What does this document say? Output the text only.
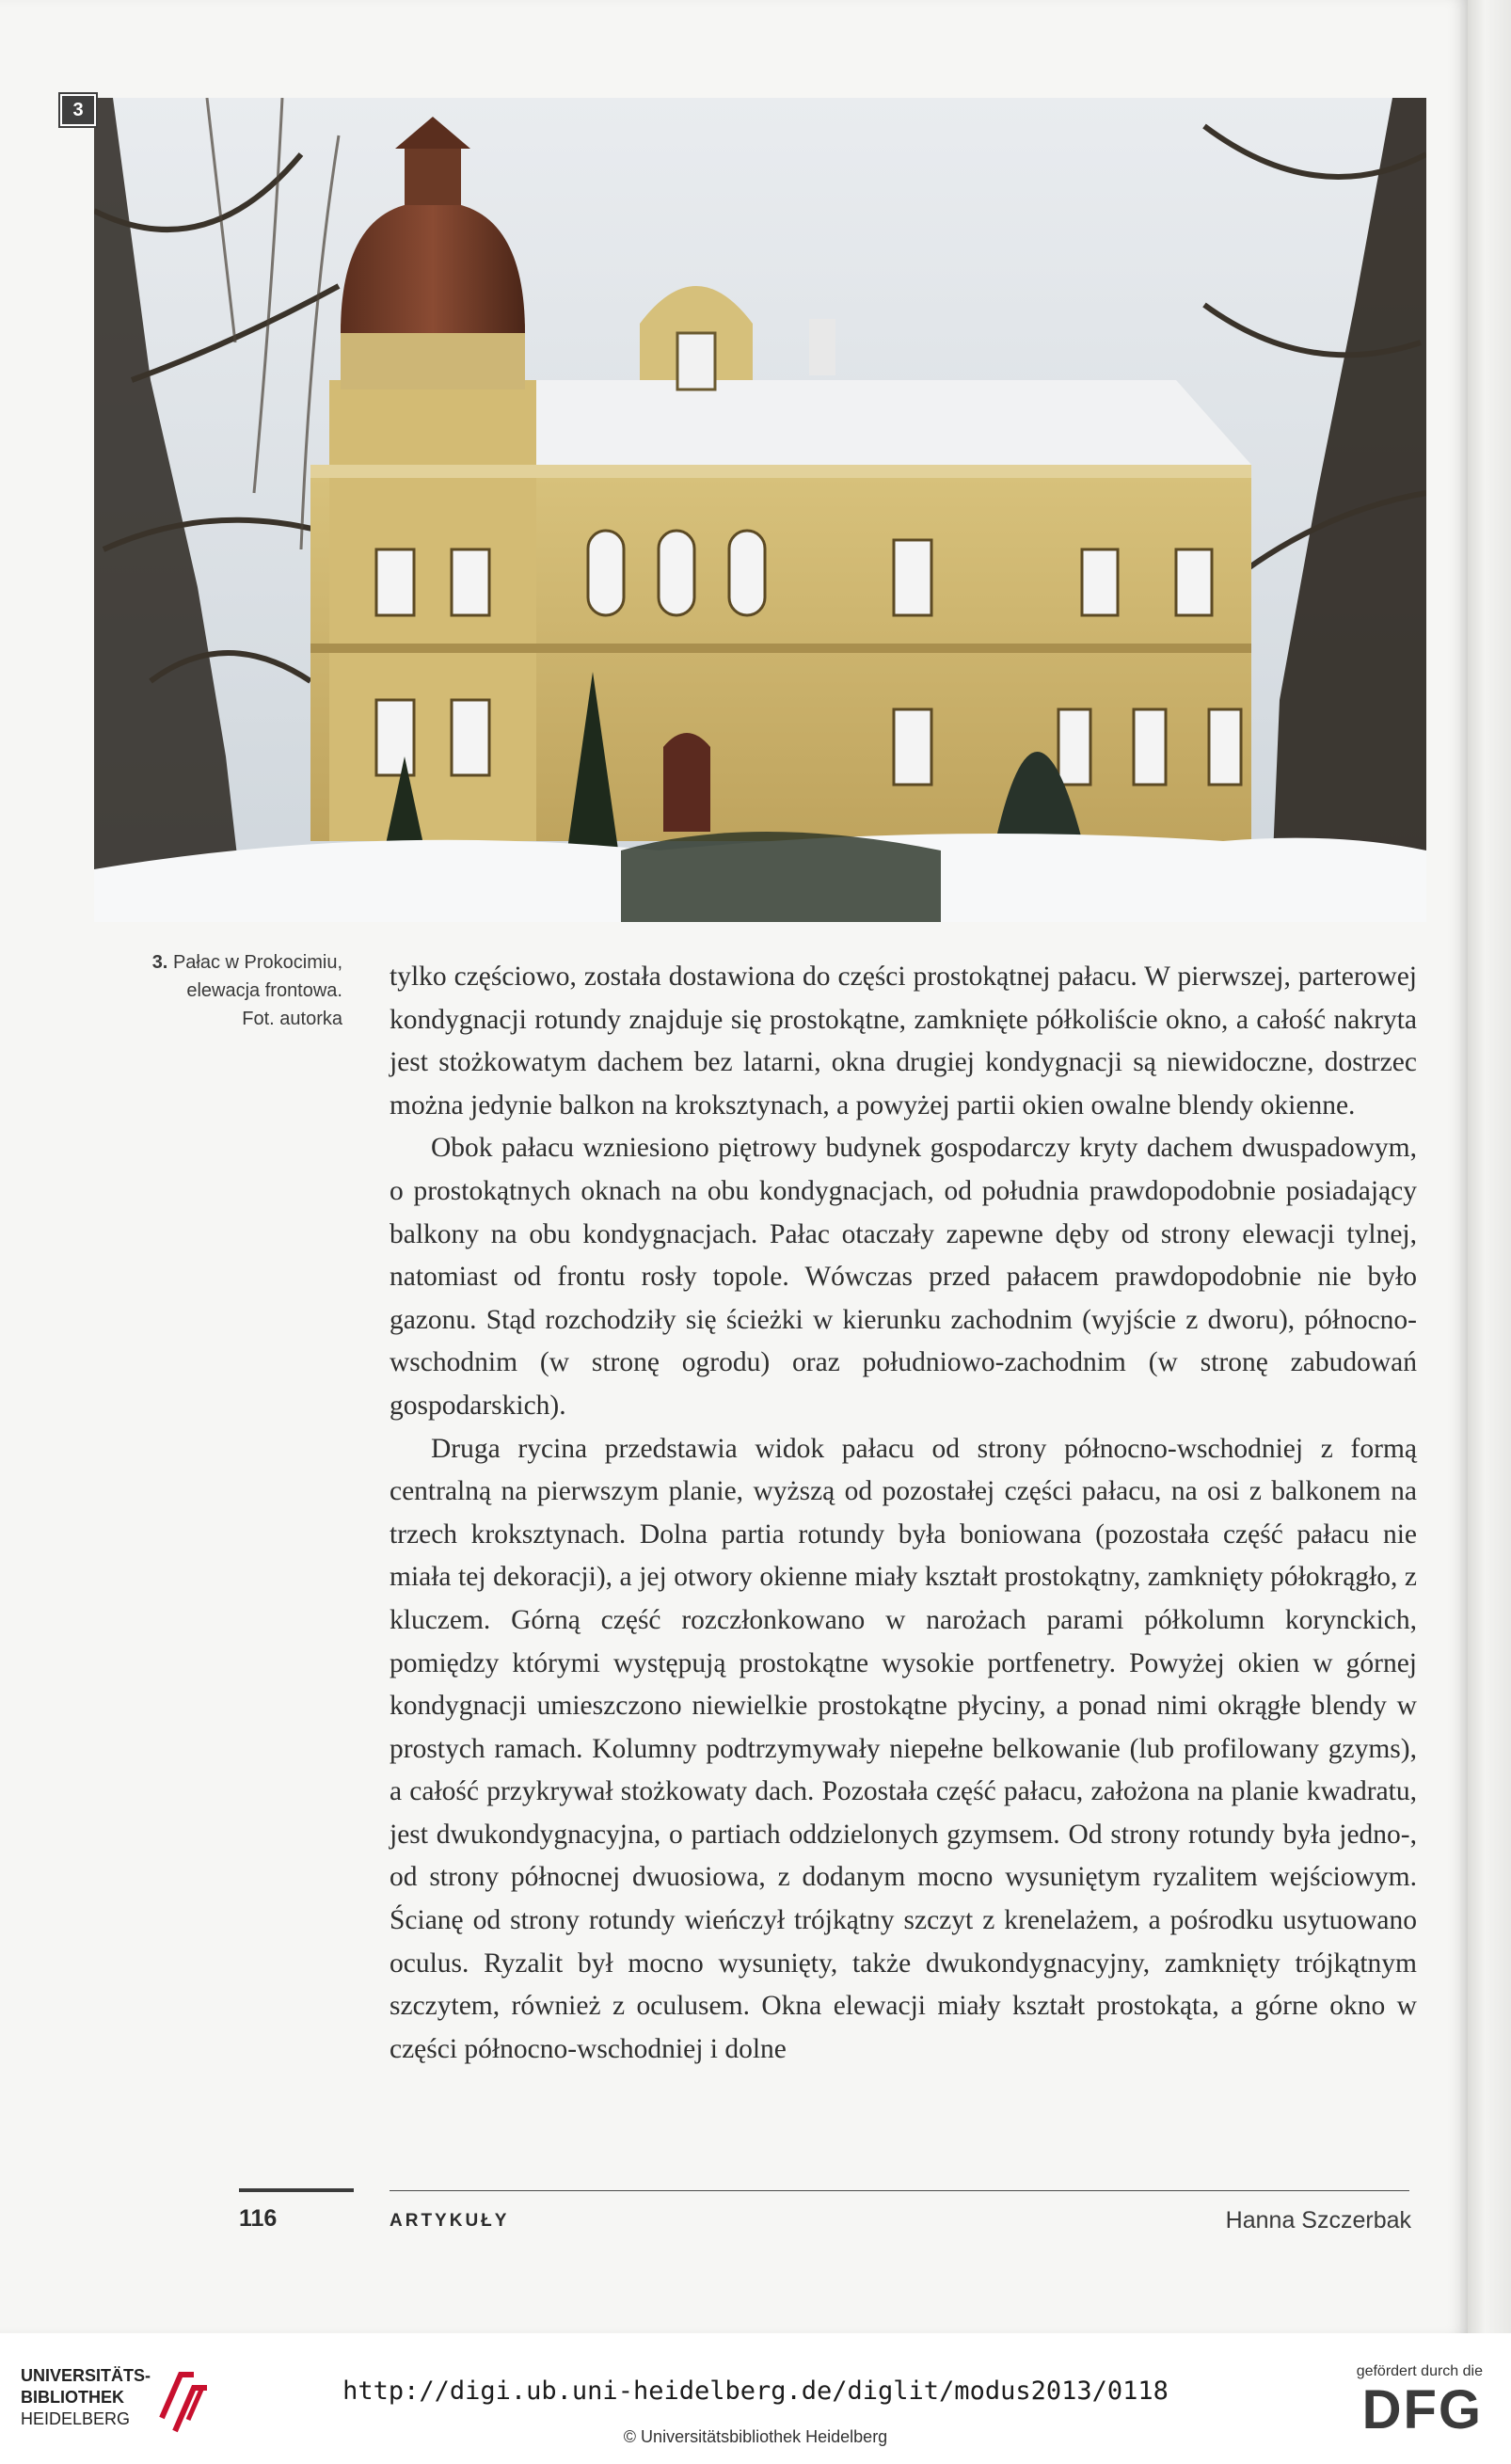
3
3. Pałac w Prokocimiu,
elewacja frontowa.
Fot. autorka

tylko częściowo, została dostawiona do części prostokątnej pałacu. W pierwszej, parterowej kondygnacji rotundy znajduje się prostokątne, zamknięte półkoliście okno, a całość nakryta jest stożkowatym dachem bez latarni, okna drugiej kondygnacji są niewidoczne, dostrzec można jedynie balkon na kroksztynach, a powyżej partii okien owalne blendy okienne.

Obok pałacu wzniesiono piętrowy budynek gospodarczy kryty dachem dwuspadowym, o prostokątnych oknach na obu kondygnacjach, od południa prawdopodobnie posiadający balkony na obu kondygnacjach. Pałac otaczały zapewne dęby od strony elewacji tylnej, natomiast od frontu rosły topole. Wówczas przed pałacem prawdopodobnie nie było gazonu. Stąd rozchodziły się ścieżki w kierunku zachodnim (wyjście z dworu), północno-wschodnim (w stronę ogrodu) oraz południowo-zachodnim (w stronę zabudowań gospodarskich).

Druga rycina przedstawia widok pałacu od strony północno-wschodniej z formą centralną na pierwszym planie, wyższą od pozostałej części pałacu, na osi z balkonem na trzech kroksztynach. Dolna partia rotundy była boniowana (pozostała część pałacu nie miała tej dekoracji), a jej otwory okienne miały kształt prostokątny, zamknięty półokrągło, z kluczem. Górną część rozczłonkowano w narożach parami półkolumn korynckich, pomiędzy którymi występują prostokątne wysokie portfenetry. Powyżej okien w górnej kondygnacji umieszczono niewielkie prostokątne płyciny, a ponad nimi okrągłe blendy w prostych ramach. Kolumny podtrzymywały niepełne belkowanie (lub profilowany gzyms), a całość przykrywał stożkowaty dach. Pozostała część pałacu, założona na planie kwadratu, jest dwukondygnacyjna, o partiach oddzielonych gzymsem. Od strony rotundy była jedno-, od strony północnej dwuosiowa, z dodanym mocno wysuniętym ryzalitem wejściowym. Ścianę od strony rotundy wieńczył trójkątny szczyt z krenelażem, a pośrodku usytuowano oculus. Ryzalit był mocno wysunięty, także dwukondygnacyjny, zamknięty trójkątnym szczytem, również z oculusem. Okna elewacji miały kształt prostokąta, a górne okno w części północno-wschodniej i dolne

116	ARTYKUŁY	Hanna Szczerbak
UNIVERSITÄTS-
BIBLIOTHEK
HEIDELBERG
http://digi.ub.uni-heidelberg.de/diglit/modus2013/0118
© Universitätsbibliothek Heidelberg
gefördert durch die
DFG
